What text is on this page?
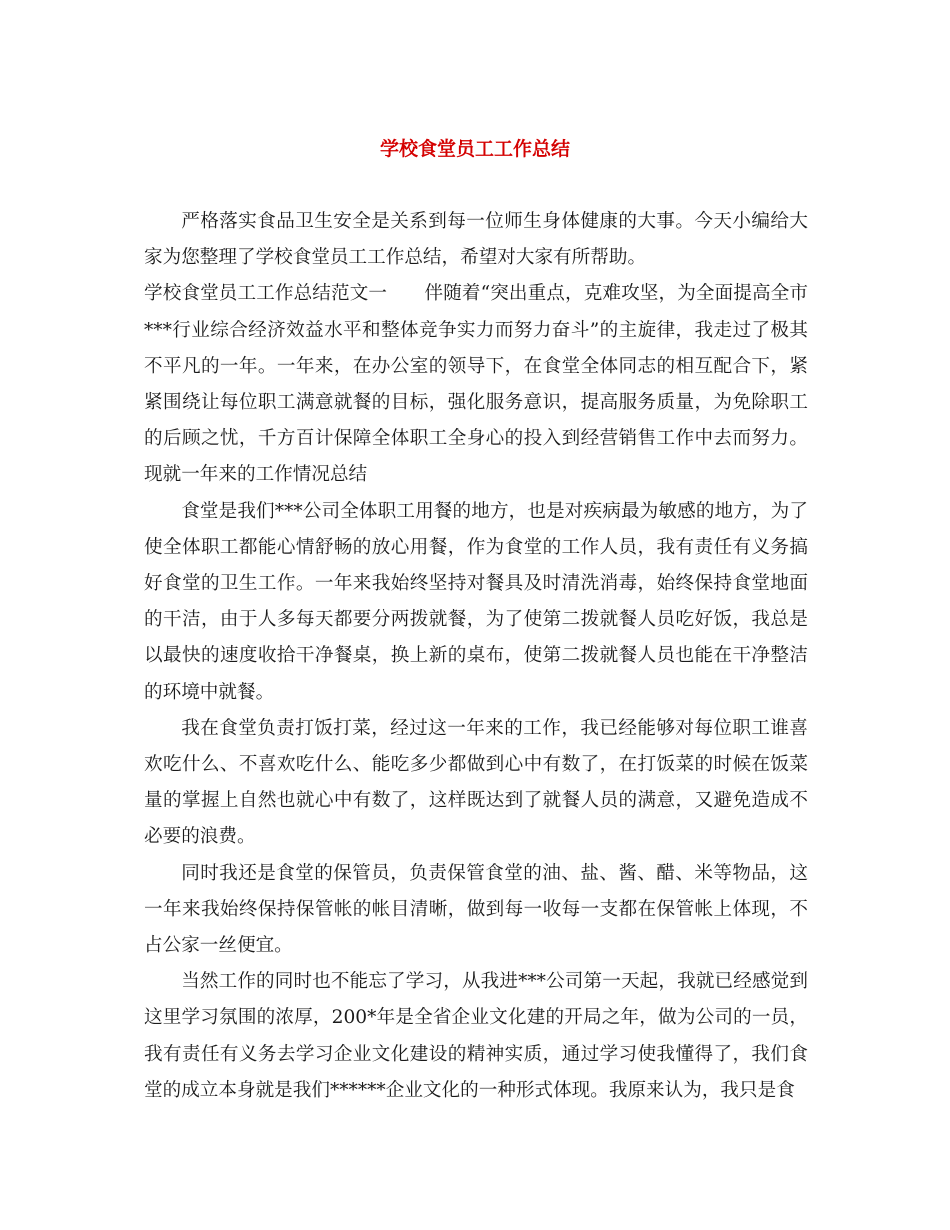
学校食堂员工工作总结

严格落实食品卫生安全是关系到每一位师生身体健康的大事。今天小编给大家为您整理了学校食堂员工工作总结，希望对大家有所帮助。

学校食堂员工工作总结范文一　　伴随着“突出重点，克难攻坚，为全面提高全市***行业综合经济效益水平和整体竞争实力而努力奋斗”的主旋律，我走过了极其不平凡的一年。一年来，在办公室的领导下，在食堂全体同志的相互配合下，紧紧围绕让每位职工满意就餐的目标，强化服务意识，提高服务质量，为免除职工的后顾之忧，千方百计保障全体职工全身心的投入到经营销售工作中去而努力。现就一年来的工作情况总结

食堂是我们***公司全体职工用餐的地方，也是对疾病最为敏感的地方，为了使全体职工都能心情舒畅的放心用餐，作为食堂的工作人员，我有责任有义务搞好食堂的卫生工作。一年来我始终坚持对餐具及时清洗消毒，始终保持食堂地面的干洁，由于人多每天都要分两拨就餐，为了使第二拨就餐人员吃好饭，我总是以最快的速度收拾干净餐桌，换上新的桌布，使第二拨就餐人员也能在干净整洁的环境中就餐。

我在食堂负责打饭打菜，经过这一年来的工作，我已经能够对每位职工谁喜欢吃什么、不喜欢吃什么、能吃多少都做到心中有数了，在打饭菜的时候在饭菜量的掌握上自然也就心中有数了，这样既达到了就餐人员的满意，又避免造成不必要的浪费。

同时我还是食堂的保管员，负责保管食堂的油、盐、酱、醋、米等物品，这一年来我始终保持保管帐的帐目清晰，做到每一收每一支都在保管帐上体现，不占公家一丝便宜。

当然工作的同时也不能忘了学习，从我进***公司第一天起，我就已经感觉到这里学习氛围的浓厚，200*年是全省企业文化建的开局之年，做为公司的一员，我有责任有义务去学习企业文化建设的精神实质，通过学习使我懂得了，我们食堂的成立本身就是我们******企业文化的一种形式体现。我原来认为，我只是食
